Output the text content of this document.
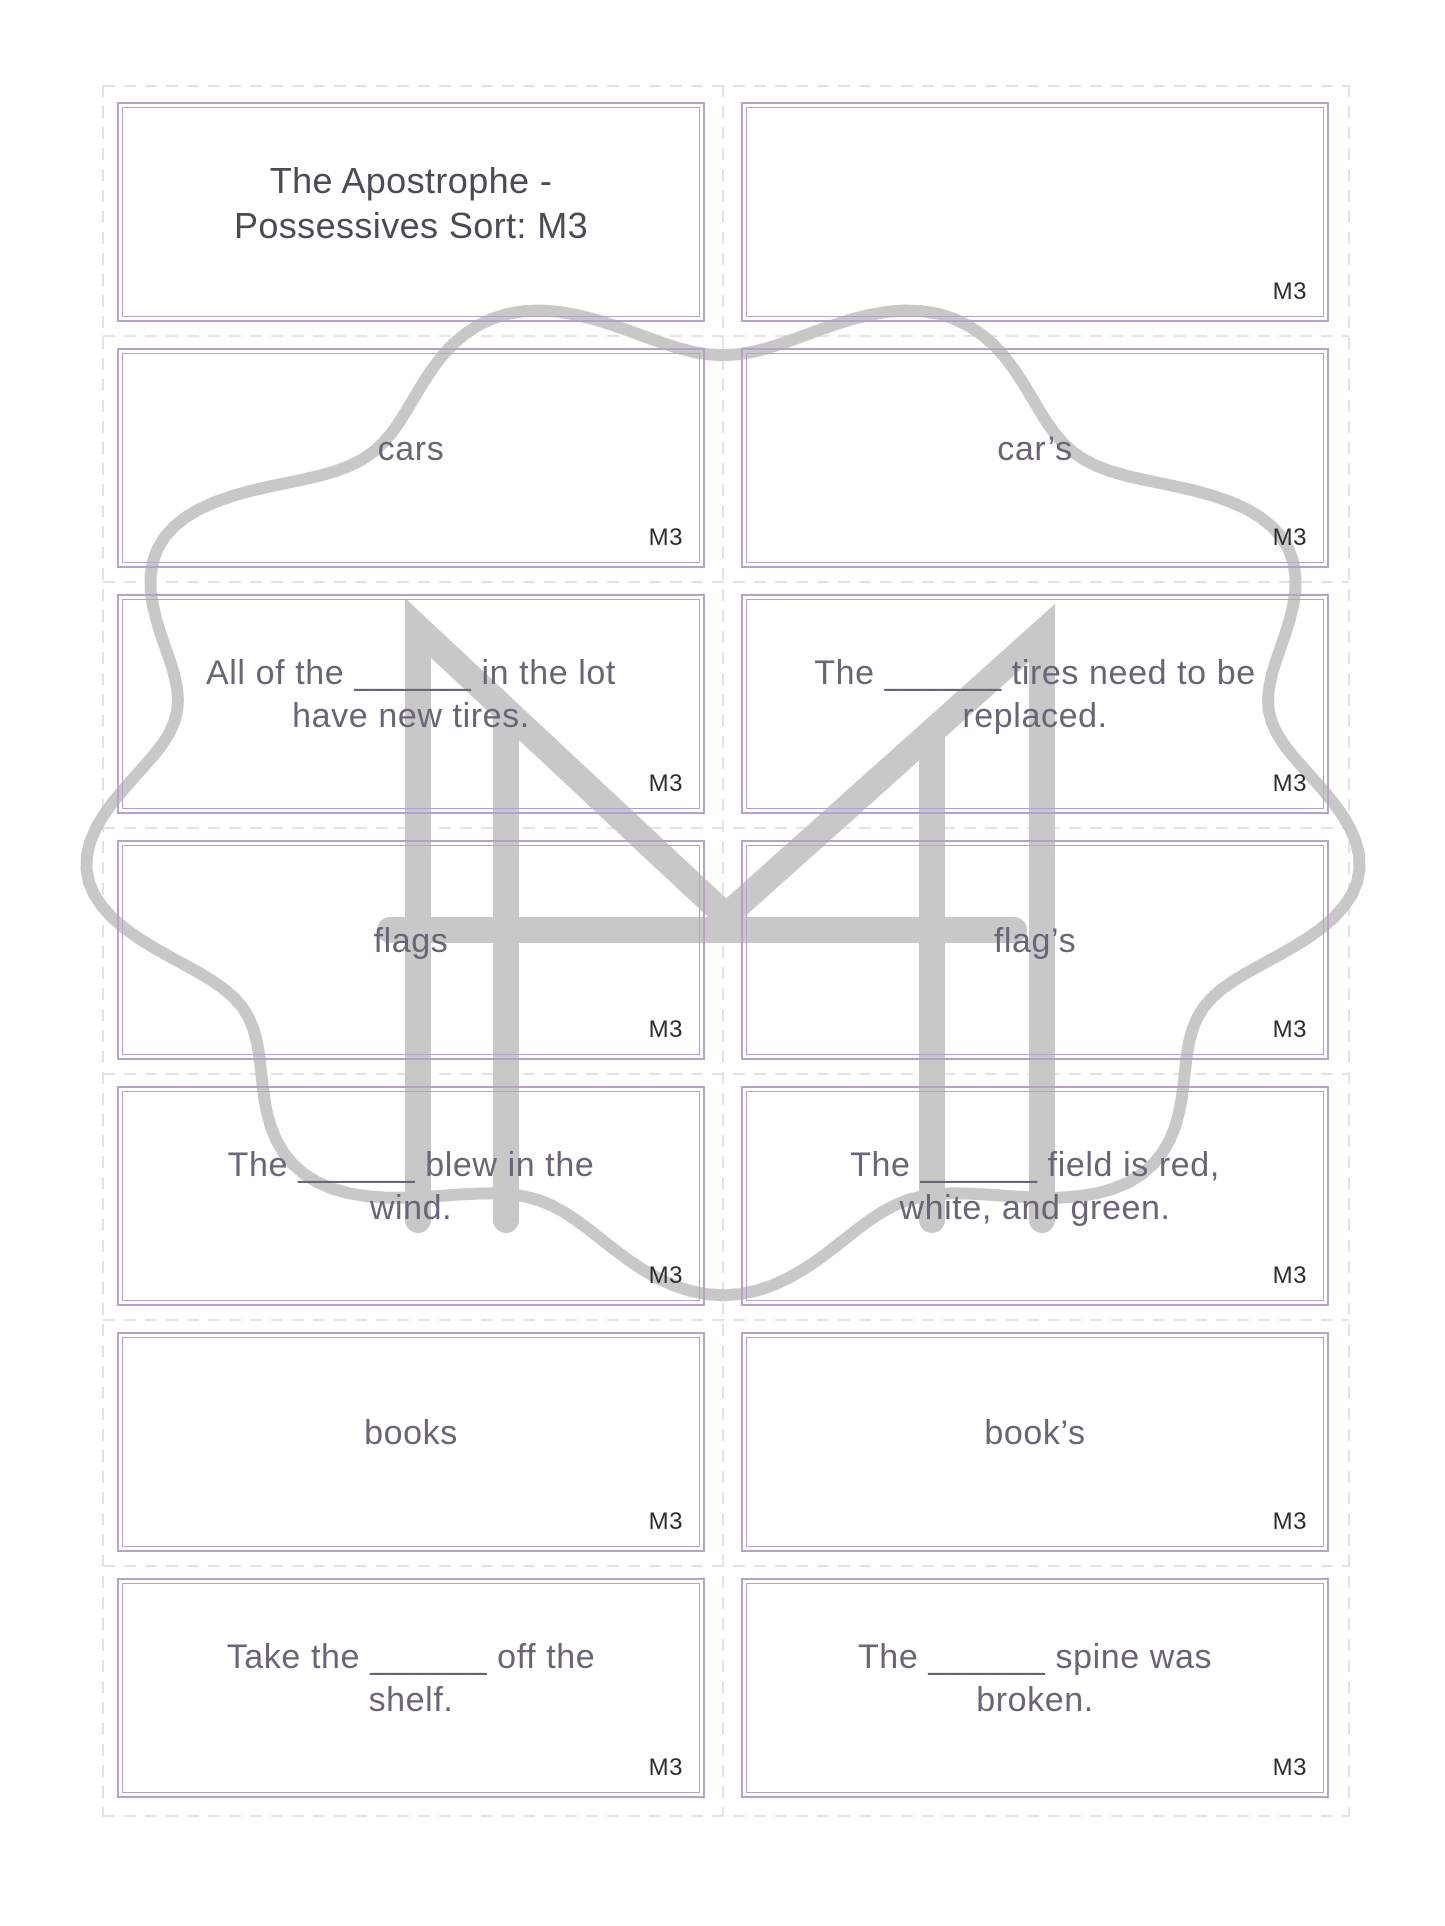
The Apostrophe -
Possessives Sort: M3
M3
cars
M3
car’s
M3
All of the ______ in the lot
have new tires.
M3
The ______ tires need to be
replaced.
M3
flags
M3
flag’s
M3
The ______ blew in the
wind.
M3
The ______ field is red,
white, and green.
M3
books
M3
book’s
M3
Take the ______ off the
shelf.
M3
The ______ spine was
broken.
M3
